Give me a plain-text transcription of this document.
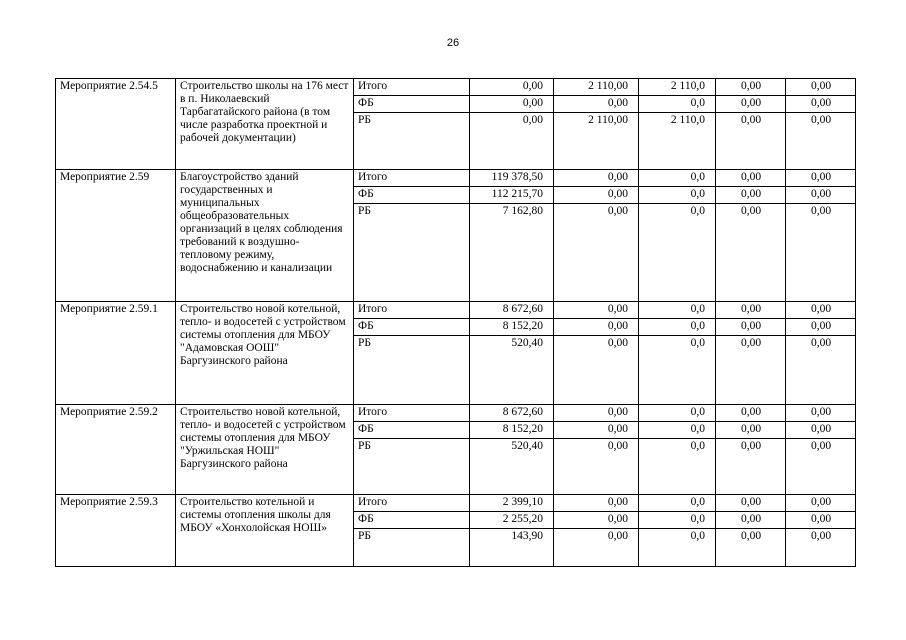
26
Мероприятие 2.54.5	Строительство школы на 176 мест в п. Николаевский Тарбагатайского района (в том числе разработка проектной и рабочей документации)	Итого	0,00	2 110,00	2 110,0	0,00	0,00
		ФБ	0,00	0,00	0,0	0,00	0,00
		РБ	0,00	2 110,00	2 110,0	0,00	0,00
Мероприятие 2.59	Благоустройство зданий государственных и муниципальных общеобразовательных организаций в целях соблюдения требований к воздушно-тепловому режиму, водоснабжению и канализации	Итого	119 378,50	0,00	0,0	0,00	0,00
		ФБ	112 215,70	0,00	0,0	0,00	0,00
		РБ	7 162,80	0,00	0,0	0,00	0,00
Мероприятие 2.59.1	Строительство новой котельной, тепло- и водосетей с устройством системы отопления для МБОУ "Адамовская ООШ" Баргузинского района	Итого	8 672,60	0,00	0,0	0,00	0,00
		ФБ	8 152,20	0,00	0,0	0,00	0,00
		РБ	520,40	0,00	0,0	0,00	0,00
Мероприятие 2.59.2	Строительство новой котельной, тепло- и водосетей с устройством системы отопления для МБОУ "Уржильская НОШ" Баргузинского района	Итого	8 672,60	0,00	0,0	0,00	0,00
		ФБ	8 152,20	0,00	0,0	0,00	0,00
		РБ	520,40	0,00	0,0	0,00	0,00
Мероприятие 2.59.3	Строительство котельной и системы отопления школы для МБОУ «Хонхолойская НОШ»	Итого	2 399,10	0,00	0,0	0,00	0,00
		ФБ	2 255,20	0,00	0,0	0,00	0,00
		РБ	143,90	0,00	0,0	0,00	0,00
